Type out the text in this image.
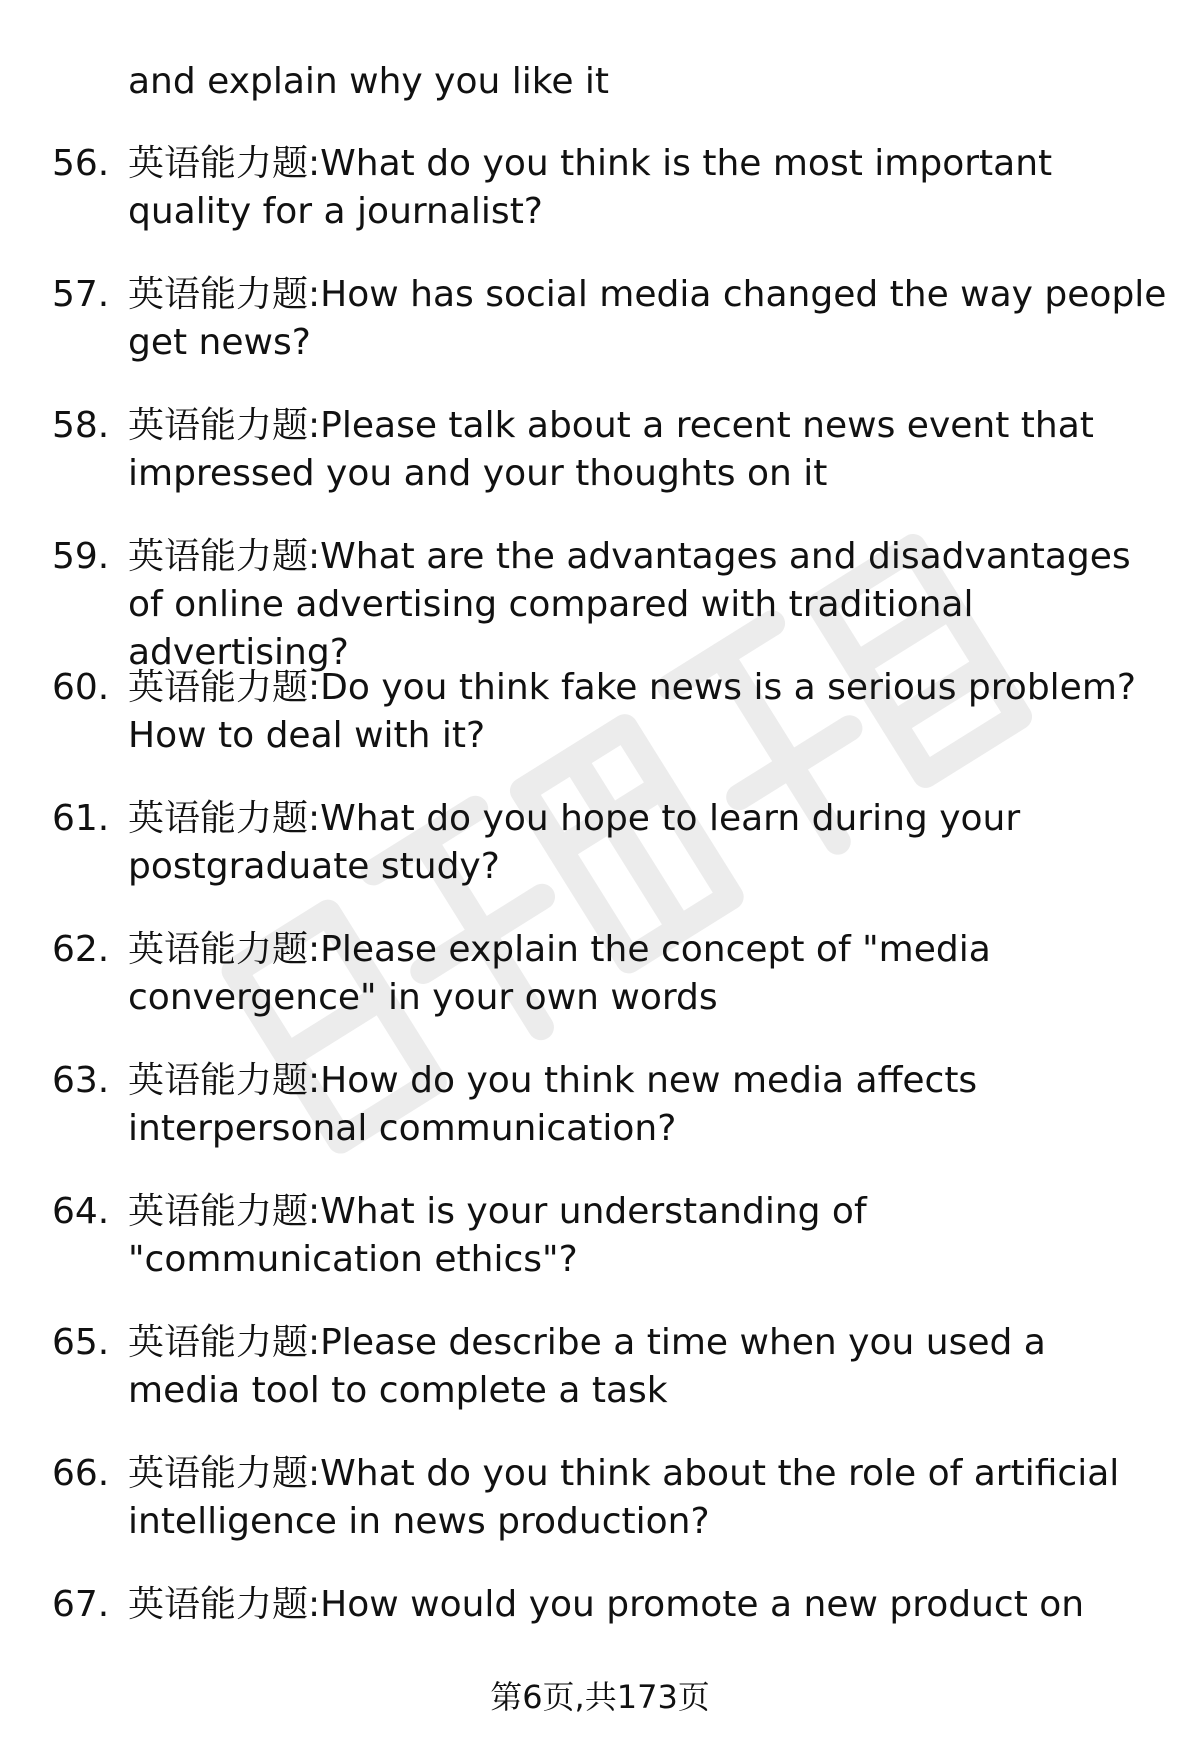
and explain why you like it

56. 英语能力题:What do you think is the most important quality for a journalist?
57. 英语能力题:How has social media changed the way people get news?
58. 英语能力题:Please talk about a recent news event that impressed you and your thoughts on it
59. 英语能力题:What are the advantages and disadvantages of online advertising compared with traditional advertising?
60. 英语能力题:Do you think fake news is a serious problem? How to deal with it?
61. 英语能力题:What do you hope to learn during your postgraduate study?
62. 英语能力题:Please explain the concept of "media convergence" in your own words
63. 英语能力题:How do you think new media affects interpersonal communication?
64. 英语能力题:What is your understanding of "communication ethics"?
65. 英语能力题:Please describe a time when you used a media tool to complete a task
66. 英语能力题:What do you think about the role of artificial intelligence in news production?
67. 英语能力题:How would you promote a new product on
第6页,共173页
